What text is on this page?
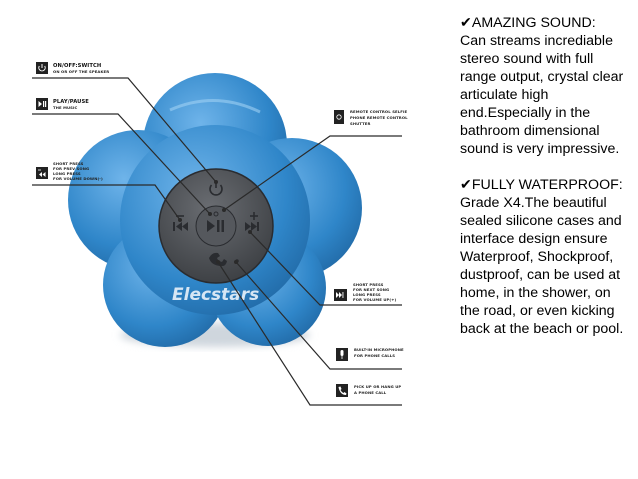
Elecstars
ON/OFF:SWITCH
ON OR OFF THE SPEAKER
PLAY/PAUSE
THE MUSIC
SHORT PRESS
FOR PREV SONG
LONG PRESS
FOR VOLUME DOWN(-)
REMOTE CONTROL SELFIE
PHONE REMOTE CONTROL
SHUTTER
SHORT PRESS
FOR NEXT SONG
LONG PRESS
FOR VOLUME UP(+)
BUILT-IN MICROPHONE
FOR PHONE CALLS
PICK UP OR HANG UP
A PHONE CALL
✔AMAZING SOUND:
Can streams incrediable stereo sound with full range output, crystal clear articulate high end.Especially in the bathroom dimensional sound is very impressive.
✔FULLY WATERPROOF:
Grade X4.The beautiful sealed silicone cases and interface design ensure Waterproof, Shockproof, dustproof, can be used at home, in the shower, on the road, or even kicking back at the beach or pool.
